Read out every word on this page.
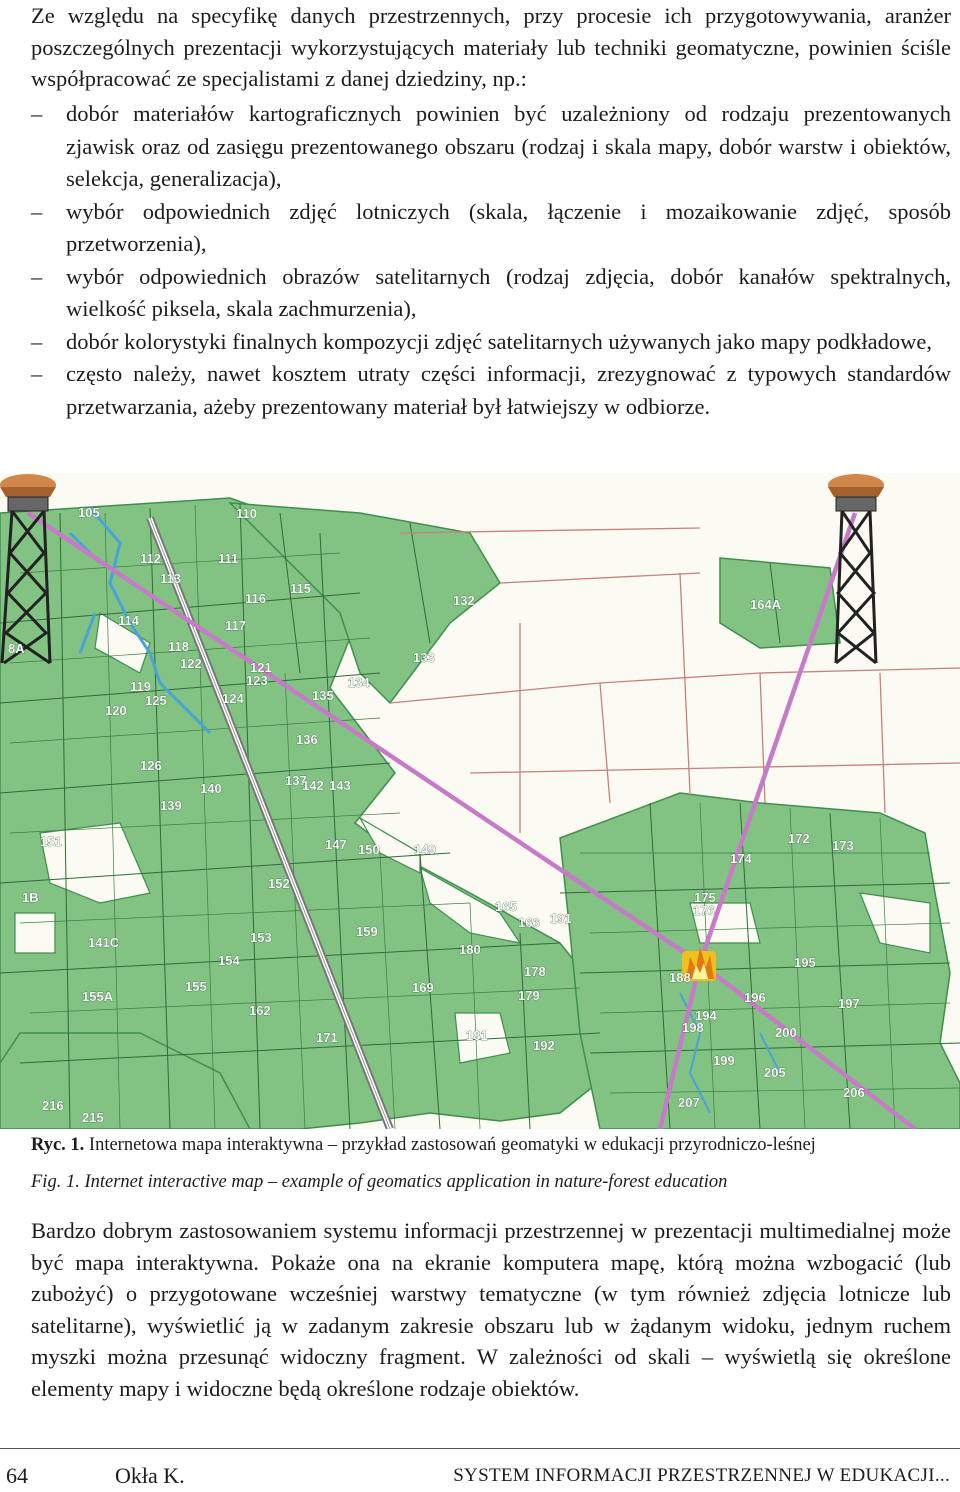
Ze względu na specyfikę danych przestrzennych, przy procesie ich przygotowywania, aranżer poszczególnych prezentacji wykorzystujących materiały lub techniki geomatyczne, powinien ściśle współpracować ze specjalistami z danej dziedziny, np.:

– dobór materiałów kartograficznych powinien być uzależniony od rodzaju prezentowanych zjawisk oraz od zasięgu prezentowanego obszaru (rodzaj i skala mapy, dobór warstw i obiektów, selekcja, generalizacja),
– wybór odpowiednich zdjęć lotniczych (skala, łączenie i mozaikowanie zdjęć, sposób przetworzenia),
– wybór odpowiednich obrazów satelitarnych (rodzaj zdjęcia, dobór kanałów spektralnych, wielkość piksela, skala zachmurzenia),
– dobór kolorystyki finalnych kompozycji zdjęć satelitarnych używanych jako mapy podkładowe,
– często należy, nawet kosztem utraty części informacji, zrezygnować z typowych standardów przetwarzania, ażeby prezentowany materiał był łatwiejszy w odbiorze.
105
111
110
112
113
114
115
116
117
118
119
120
121
122
123
124
125
126
132
133
134
135
136
137
139
140
141C
142 143
147	149
150
151
152
153
154
155
155A
159
162
164A
165
166
169
171
172 173
174
175
176
178
179
180
181
188
191
192
194
195
196	197
198
199
200
205
206
207
215
216
1B
8A
Ryc. 1. Internetowa mapa interaktywna – przykład zastosowań geomatyki w edukacji przyrodniczo-leśnej
Fig. 1. Internet interactive map – example of geomatics application in nature-forest education

Bardzo dobrym zastosowaniem systemu informacji przestrzennej w prezentacji multimedialnej może być mapa interaktywna. Pokaże ona na ekranie komputera mapę, którą można wzbogacić (lub zubożyć) o przygotowane wcześniej warstwy tematyczne (w tym również zdjęcia lotnicze lub satelitarne), wyświetlić ją w zadanym zakresie obszaru lub w żądanym widoku, jednym ruchem myszki można przesunąć widoczny fragment. W zależności od skali – wyświetlą się określone elementy mapy i widoczne będą określone rodzaje obiektów.

64	Okła K.	SYSTEM INFORMACJI PRZESTRZENNEJ W EDUKACJI...
